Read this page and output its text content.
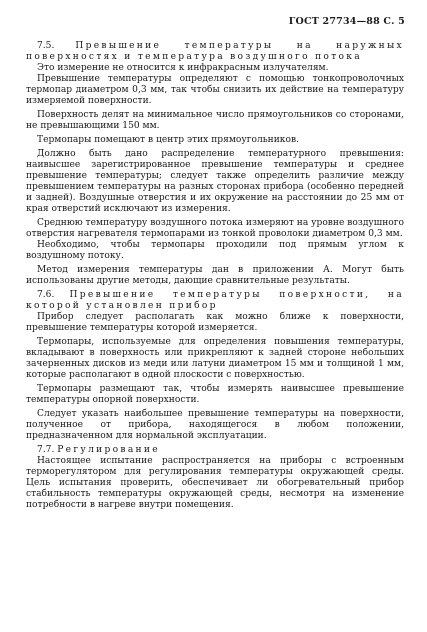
ГОСТ 27734—88 С. 5

7.5. Превышение температуры на наружных поверхностях и температура воздушного потока

Это измерение не относится к инфракрасным излучателям.

Превышение температуры определяют с помощью тонкопроволочных термопар диаметром 0,3 мм, так чтобы снизить их действие на температуру измеряемой поверхности.

Поверхность делят на минимальное число прямоугольников со сторонами, не превышающими 150 мм.

Термопары помещают в центр этих прямоугольников.

Должно быть дано распределение температурного превышения: наивысшее зарегистрированное превышение температуры и среднее превышение температуры; следует также определить различие между превышением температуры на разных сторонах прибора (особенно передней и задней). Воздушные отверстия и их окружение на расстоянии до 25 мм от края отверстий исключают из измерения.

Среднюю температуру воздушного потока измеряют на уровне воздушного отверстия нагревателя термопарами из тонкой проволоки диаметром 0,3 мм.

Необходимо, чтобы термопары проходили под прямым углом к воздушному потоку.

Метод измерения температуры дан в приложении А. Могут быть использованы другие методы, дающие сравнительные результаты.

7.6. Превышение температуры поверхности, на которой установлен прибор

Прибор следует располагать как можно ближе к поверхности, превышение температуры которой измеряется.

Термопары, используемые для определения повышения температуры, вкладывают в поверхность или прикрепляют к задней стороне небольших зачерненных дисков из меди или латуни диаметром 15 мм и толщиной 1 мм, которые располагают в одной плоскости с поверхностью.

Термопары размещают так, чтобы измерять наивысшее превышение температуры опорной поверхности.

Следует указать наибольшее превышение температуры на поверхности, полученное от прибора, находящегося в любом положении, предназначенном для нормальной эксплуатации.

7.7. Регулирование

Настоящее испытание распространяется на приборы с встроенным терморегулятором для регулирования температуры окружающей среды. Цель испытания проверить, обеспечивает ли обогревательный прибор стабильность температуры окружающей среды, несмотря на изменение потребности в нагреве внутри помещения.
